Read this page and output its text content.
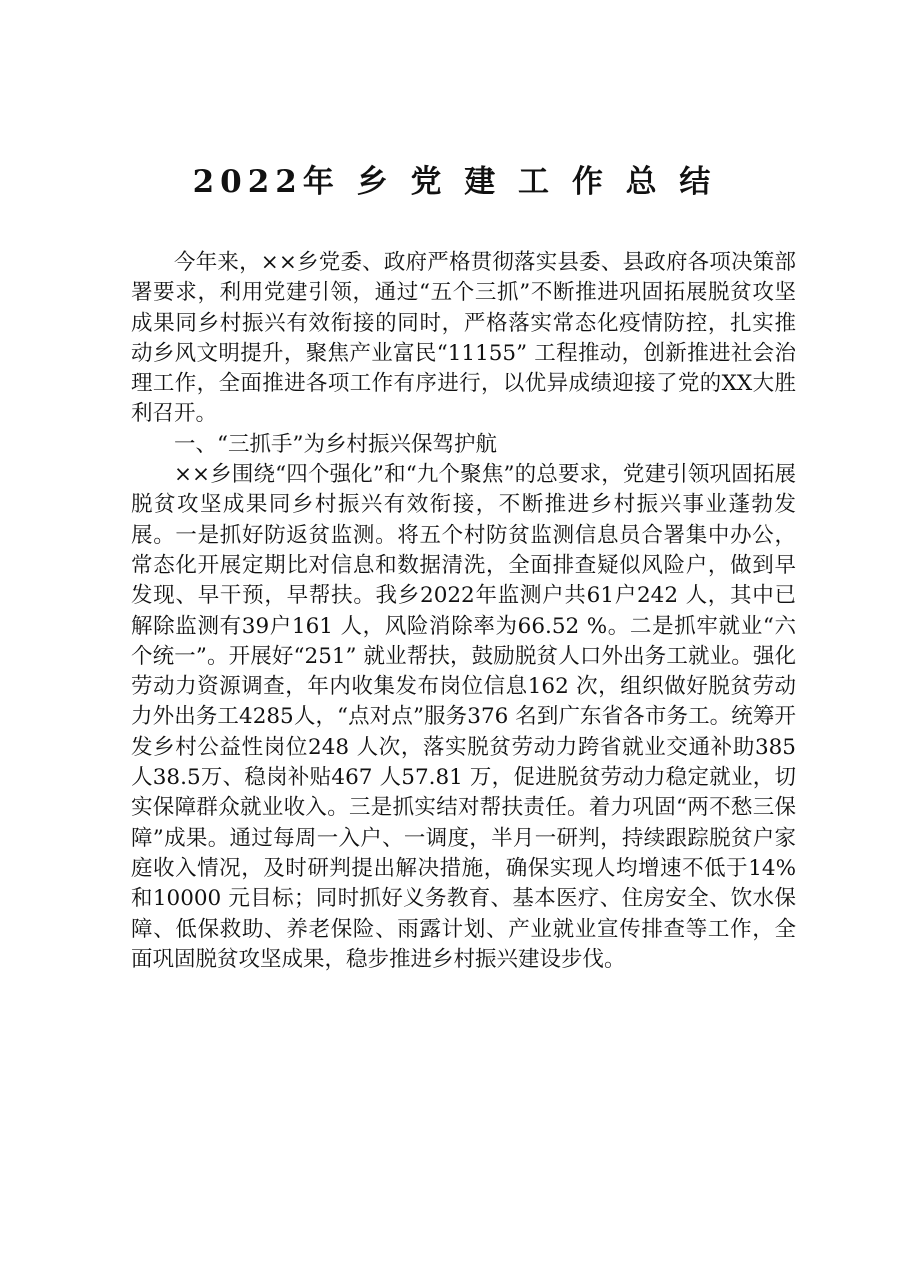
2022年 乡 党 建 工 作 总 结

今年来，××乡党委、政府严格贯彻落实县委、县政府各项决策部署要求，利用党建引领，通过“五个三抓”不断推进巩固拓展脱贫攻坚成果同乡村振兴有效衔接的同时，严格落实常态化疫情防控，扎实推动乡风文明提升，聚焦产业富民“11155” 工程推动，创新推进社会治理工作，全面推进各项工作有序进行，以优异成绩迎接了党的XX大胜利召开。

一、“三抓手”为乡村振兴保驾护航

××乡围绕“四个强化”和“九个聚焦”的总要求，党建引领巩固拓展脱贫攻坚成果同乡村振兴有效衔接，不断推进乡村振兴事业蓬勃发展。一是抓好防返贫监测。将五个村防贫监测信息员合署集中办公，常态化开展定期比对信息和数据清洗，全面排查疑似风险户，做到早发现、早干预，早帮扶。我乡2022年监测户共61户242 人，其中已解除监测有39户161 人，风险消除率为66.52 %。二是抓牢就业“六个统一”。开展好“251” 就业帮扶，鼓励脱贫人口外出务工就业。强化劳动力资源调查，年内收集发布岗位信息162 次，组织做好脱贫劳动力外出务工4285人，“点对点”服务376 名到广东省各市务工。统筹开发乡村公益性岗位248 人次，落实脱贫劳动力跨省就业交通补助385 人38.5万、稳岗补贴467 人57.81 万，促进脱贫劳动力稳定就业，切实保障群众就业收入。三是抓实结对帮扶责任。着力巩固“两不愁三保障”成果。通过每周一入户、一调度，半月一研判，持续跟踪脱贫户家庭收入情况，及时研判提出解决措施，确保实现人均增速不低于14%和10000 元目标；同时抓好义务教育、基本医疗、住房安全、饮水保障、低保救助、养老保险、雨露计划、产业就业宣传排查等工作，全面巩固脱贫攻坚成果，稳步推进乡村振兴建设步伐。
